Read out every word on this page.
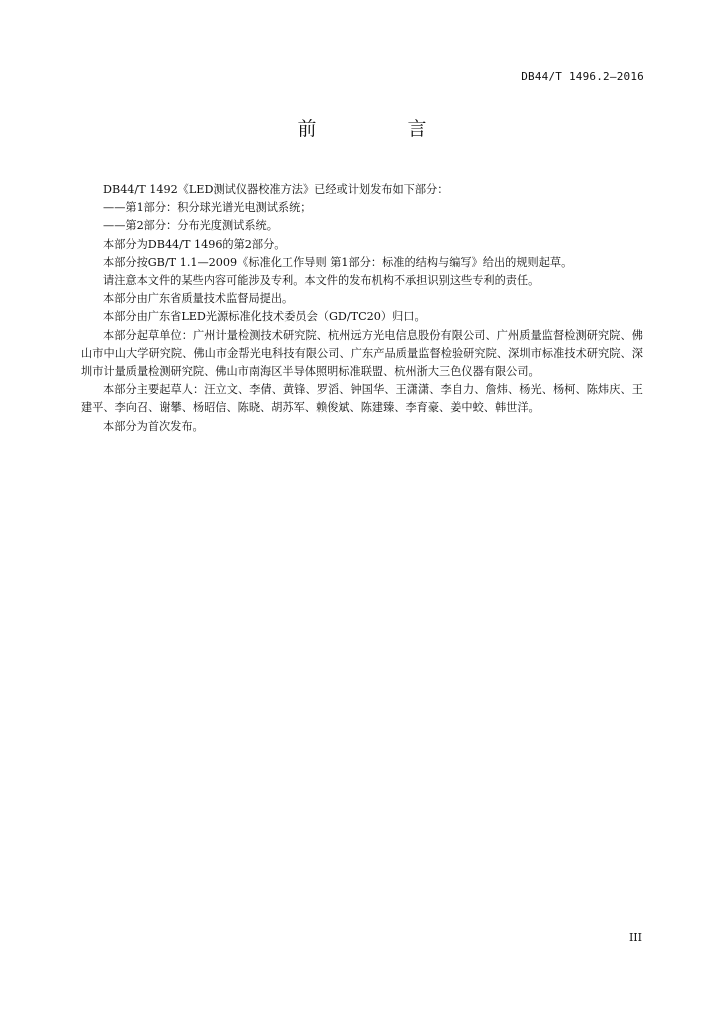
DB44/T 1496.2—2016
前　言

DB44/T 1492《LED测试仪器校准方法》已经或计划发布如下部分：

——第1部分：积分球光谱光电测试系统；

——第2部分：分布光度测试系统。

本部分为DB44/T 1496的第2部分。

本部分按GB/T 1.1—2009《标准化工作导则 第1部分：标准的结构与编写》给出的规则起草。

请注意本文件的某些内容可能涉及专利。本文件的发布机构不承担识别这些专利的责任。

本部分由广东省质量技术监督局提出。

本部分由广东省LED光源标准化技术委员会（GD/TC20）归口。

本部分起草单位：广州计量检测技术研究院、杭州远方光电信息股份有限公司、广州质量监督检测研究院、佛山市中山大学研究院、佛山市金帮光电科技有限公司、广东产品质量监督检验研究院、深圳市标准技术研究院、深圳市计量质量检测研究院、佛山市南海区半导体照明标准联盟、杭州浙大三色仪器有限公司。

本部分主要起草人：汪立文、李倩、黄锋、罗滔、钟国华、王潇潇、李自力、詹炜、杨光、杨柯、陈炜庆、王建平、李向召、谢攀、杨昭信、陈晓、胡苏军、赖俊斌、陈建臻、李育豪、姜中蛟、韩世洋。

本部分为首次发布。

III
